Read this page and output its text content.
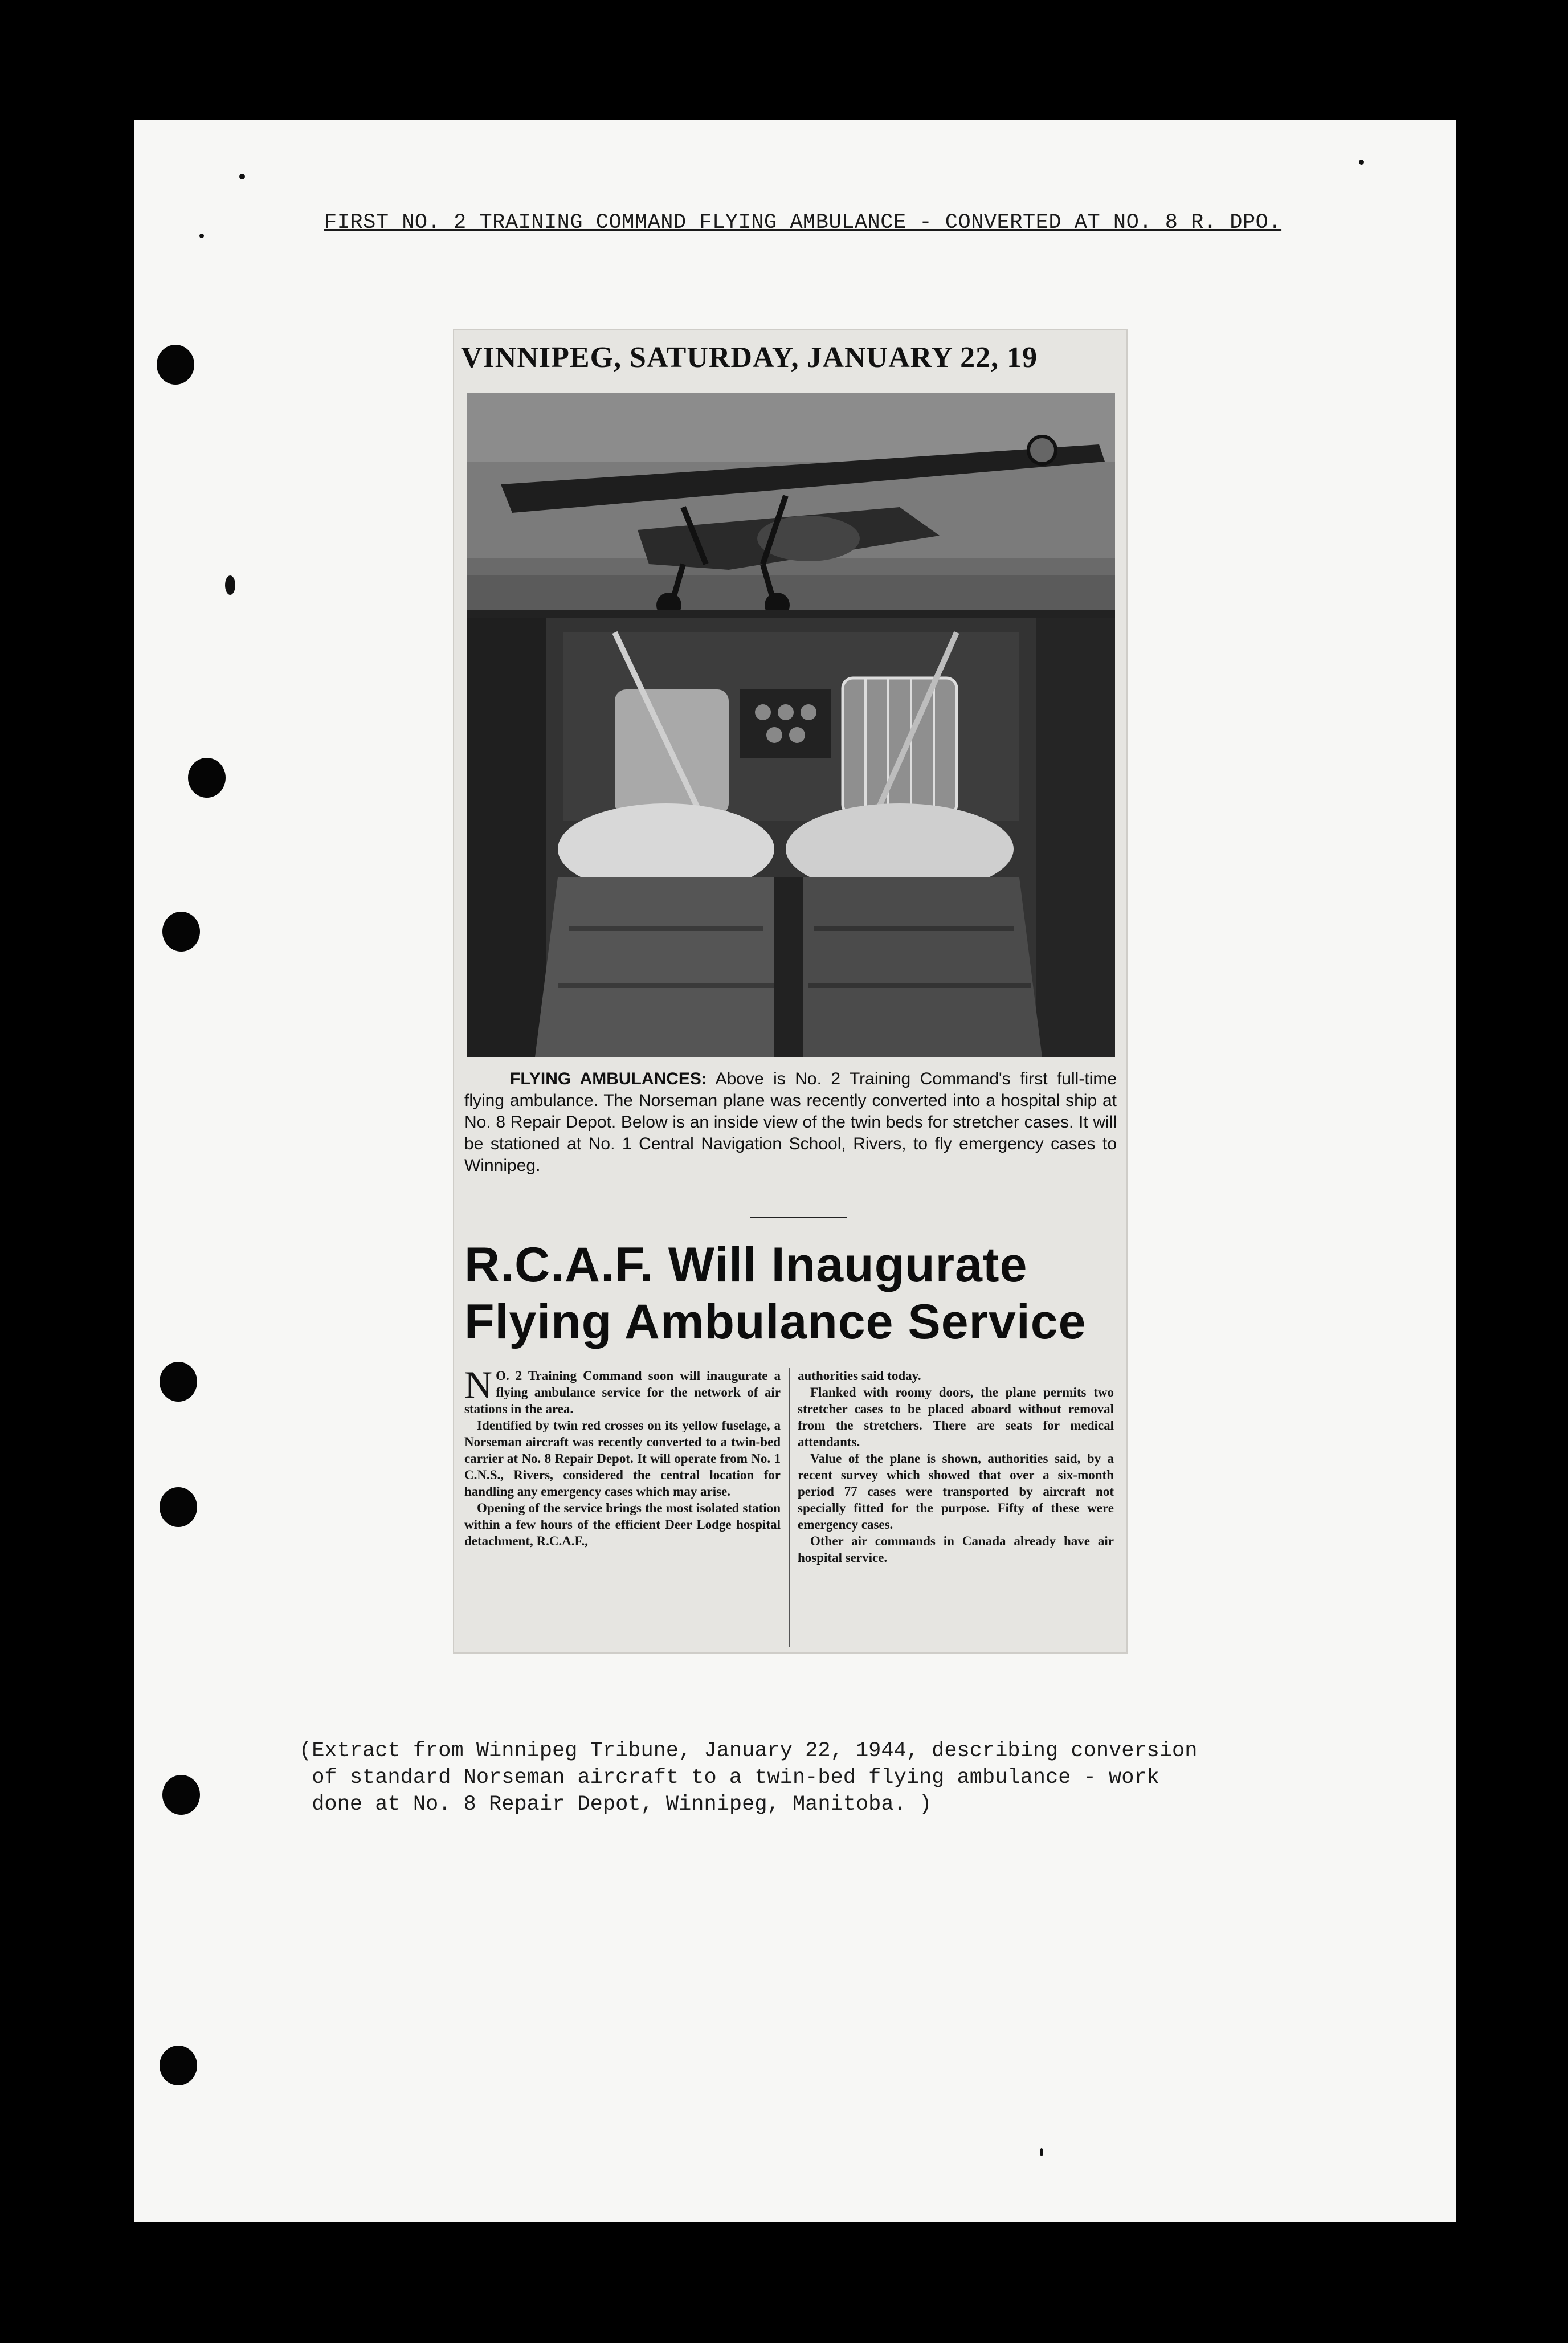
FIRST NO. 2 TRAINING COMMAND FLYING AMBULANCE - CONVERTED AT NO. 8 R. DPO.
VINNIPEG, SATURDAY, JANUARY 22, 19
FLYING AMBULANCES: Above is No. 2 Training Command's first full-time flying ambulance. The Norseman plane was recently converted into a hospital ship at No. 8 Repair Depot. Below is an inside view of the twin beds for stretcher cases. It will be stationed at No. 1 Central Navigation School, Rivers, to fly emergency cases to Winnipeg.
R.C.A.F. Will Inaugurate
Flying Ambulance Service

N O. 2 Training Command soon will inaugurate a flying ambulance service for the network of air stations in the area.

Identified by twin red crosses on its yellow fuselage, a Norseman aircraft was recently converted to a twin-bed carrier at No. 8 Repair Depot. It will operate from No. 1 C.N.S., Rivers, considered the central location for handling any emergency cases which may arise.

Opening of the service brings the most isolated station within a few hours of the efficient Deer Lodge hospital detachment, R.C.A.F.,

authorities said today.

Flanked with roomy doors, the plane permits two stretcher cases to be placed aboard without removal from the stretchers. There are seats for medical attendants.

Value of the plane is shown, authorities said, by a recent survey which showed that over a six-month period 77 cases were transported by aircraft not specially fitted for the purpose. Fifty of these were emergency cases.

Other air commands in Canada already have air hospital service.

(Extract from Winnipeg Tribune, January 22, 1944, describing conversion
of standard Norseman aircraft to a twin-bed flying ambulance - work
done at No. 8 Repair Depot, Winnipeg, Manitoba. )
